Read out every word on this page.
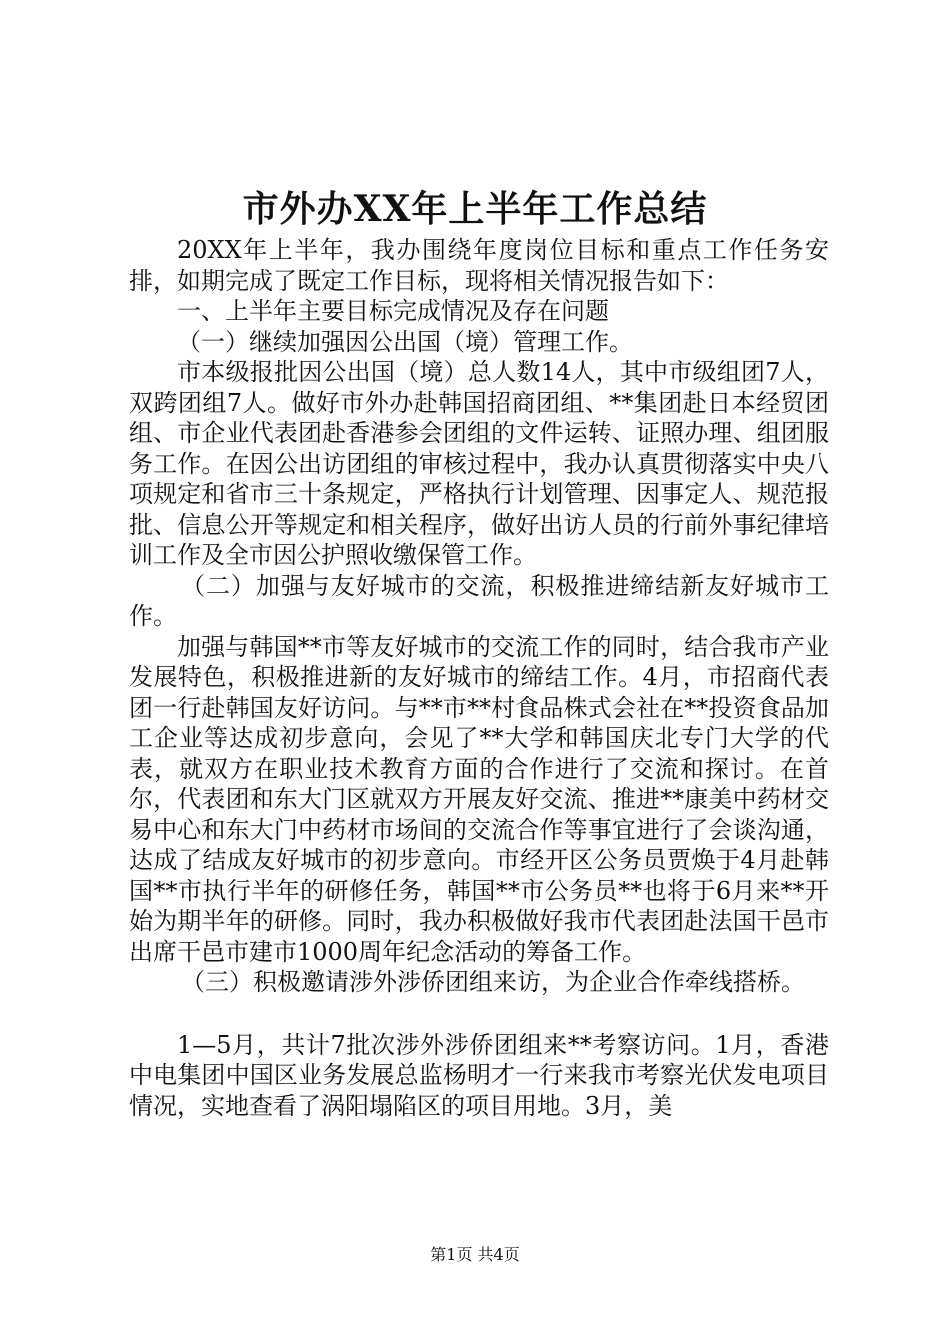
市外办XX年上半年工作总结

20XX年上半年，我办围绕年度岗位目标和重点工作任务安排，如期完成了既定工作目标，现将相关情况报告如下：

一、上半年主要目标完成情况及存在问题

（一）继续加强因公出国（境）管理工作。

市本级报批因公出国（境）总人数14人，其中市级组团7人，双跨团组7人。做好市外办赴韩国招商团组、**集团赴日本经贸团组、市企业代表团赴香港参会团组的文件运转、证照办理、组团服务工作。在因公出访团组的审核过程中，我办认真贯彻落实中央八项规定和省市三十条规定，严格执行计划管理、因事定人、规范报批、信息公开等规定和相关程序，做好出访人员的行前外事纪律培训工作及全市因公护照收缴保管工作。

（二）加强与友好城市的交流，积极推进缔结新友好城市工作。

加强与韩国**市等友好城市的交流工作的同时，结合我市产业发展特色，积极推进新的友好城市的缔结工作。4月，市招商代表团一行赴韩国友好访问。与**市**村食品株式会社在**投资食品加工企业等达成初步意向，会见了**大学和韩国庆北专门大学的代表，就双方在职业技术教育方面的合作进行了交流和探讨。在首尔，代表团和东大门区就双方开展友好交流、推进**康美中药材交易中心和东大门中药材市场间的交流合作等事宜进行了会谈沟通，达成了结成友好城市的初步意向。市经开区公务员贾焕于4月赴韩国**市执行半年的研修任务，韩国**市公务员**也将于6月来**开始为期半年的研修。同时，我办积极做好我市代表团赴法国干邑市出席干邑市建市1000周年纪念活动的筹备工作。

（三）积极邀请涉外涉侨团组来访，为企业合作牵线搭桥。

1—5月，共计7批次涉外涉侨团组来**考察访问。1月，香港中电集团中国区业务发展总监杨明才一行来我市考察光伏发电项目情况，实地查看了涡阳塌陷区的项目用地。3月，美

第1页 共4页
